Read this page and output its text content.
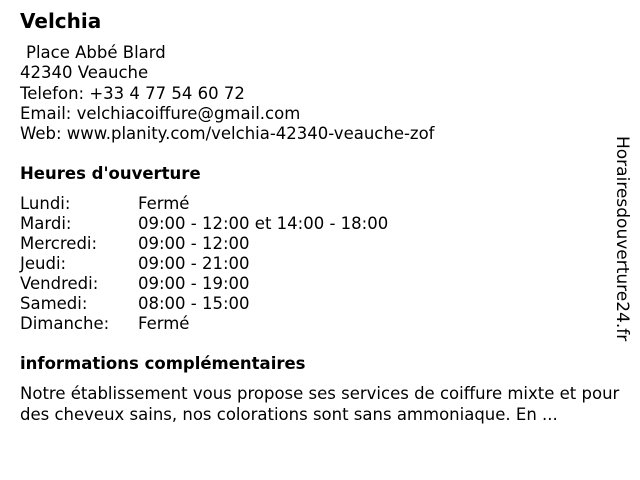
Velchia
Place Abbé Blard
42340 Veauche
Telefon: +33 4 77 54 60 72
Email: velchiacoiffure@gmail.com
Web: www.planity.com/velchia-42340-veauche-zof
Heures d'ouverture
Lundi:	Fermé
Mardi:	09:00 - 12:00 et 14:00 - 18:00
Mercredi:	09:00 - 12:00
Jeudi:	09:00 - 21:00
Vendredi:	09:00 - 19:00
Samedi:	08:00 - 15:00
Dimanche:	Fermé
informations complémentaires
Notre établissement vous propose ses services de coiffure mixte et pour des cheveux sains, nos colorations sont sans ammoniaque. En ...
Horairesdouverture24.fr
